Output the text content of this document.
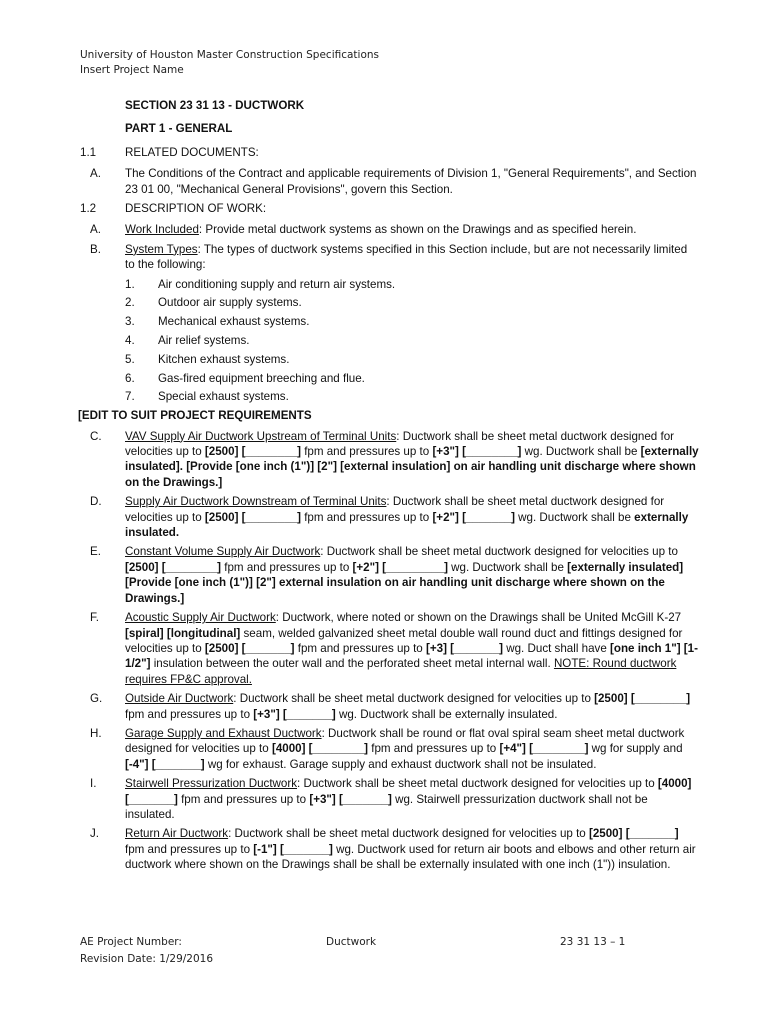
University of Houston Master Construction Specifications
Insert Project Name
SECTION 23 31 13 - DUCTWORK
PART 1 - GENERAL
1.1 RELATED DOCUMENTS:
A. The Conditions of the Contract and applicable requirements of Division 1, "General Requirements", and Section 23 01 00, "Mechanical General Provisions", govern this Section.
1.2 DESCRIPTION OF WORK:
A. Work Included: Provide metal ductwork systems as shown on the Drawings and as specified herein.
B. System Types: The types of ductwork systems specified in this Section include, but are not necessarily limited to the following:
1. Air conditioning supply and return air systems.
2. Outdoor air supply systems.
3. Mechanical exhaust systems.
4. Air relief systems.
5. Kitchen exhaust systems.
6. Gas-fired equipment breeching and flue.
7. Special exhaust systems.
[EDIT TO SUIT PROJECT REQUIREMENTS
C. VAV Supply Air Ductwork Upstream of Terminal Units: Ductwork shall be sheet metal ductwork designed for velocities up to [2500] [________] fpm and pressures up to [+3"] [________] wg. Ductwork shall be [externally insulated]. [Provide [one inch (1")] [2"] [external insulation] on air handling unit discharge where shown on the Drawings.]
D. Supply Air Ductwork Downstream of Terminal Units: Ductwork shall be sheet metal ductwork designed for velocities up to [2500] [________] fpm and pressures up to [+2"] [_______] wg. Ductwork shall be externally insulated.
E. Constant Volume Supply Air Ductwork: Ductwork shall be sheet metal ductwork designed for velocities up to [2500] [________] fpm and pressures up to [+2"] [_________] wg. Ductwork shall be [externally insulated] [Provide [one inch (1")] [2"] external insulation on air handling unit discharge where shown on the Drawings.]
F. Acoustic Supply Air Ductwork: Ductwork, where noted or shown on the Drawings shall be United McGill K-27 [spiral] [longitudinal] seam, welded galvanized sheet metal double wall round duct and fittings designed for velocities up to [2500] [_______] fpm and pressures up to [+3] [_______] wg. Duct shall have [one inch 1"] [1-1/2"] insulation between the outer wall and the perforated sheet metal internal wall. NOTE: Round ductwork requires FP&C approval.
G. Outside Air Ductwork: Ductwork shall be sheet metal ductwork designed for velocities up to [2500] [________] fpm and pressures up to [+3"] [_______] wg. Ductwork shall be externally insulated.
H. Garage Supply and Exhaust Ductwork: Ductwork shall be round or flat oval spiral seam sheet metal ductwork designed for velocities up to [4000] [________] fpm and pressures up to [+4"] [________] wg for supply and [-4"] [_______] wg for exhaust. Garage supply and exhaust ductwork shall not be insulated.
I. Stairwell Pressurization Ductwork: Ductwork shall be sheet metal ductwork designed for velocities up to [4000] [_______] fpm and pressures up to [+3"] [_______] wg. Stairwell pressurization ductwork shall not be insulated.
J. Return Air Ductwork: Ductwork shall be sheet metal ductwork designed for velocities up to [2500] [_______] fpm and pressures up to [-1"] [_______] wg. Ductwork used for return air boots and elbows and other return air ductwork where shown on the Drawings shall be shall be externally insulated with one inch (1")) insulation.
AE Project Number:
Revision Date: 1/29/2016
Ductwork	23 31 13 – 1
